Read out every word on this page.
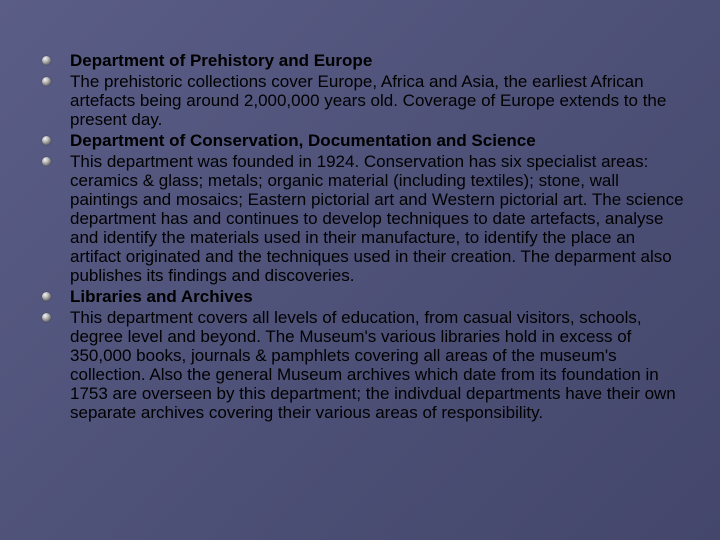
Department of Prehistory and Europe
The prehistoric collections cover Europe, Africa and Asia, the earliest African artefacts being around 2,000,000 years old. Coverage of Europe extends to the present day.
Department of Conservation, Documentation and Science
This department was founded in 1924. Conservation has six specialist areas: ceramics & glass; metals; organic material (including textiles); stone, wall paintings and mosaics; Eastern pictorial art and Western pictorial art. The science department has and continues to develop techniques to date artefacts, analyse and identify the materials used in their manufacture, to identify the place an artifact originated and the techniques used in their creation. The deparment also publishes its findings and discoveries.
Libraries and Archives
This department covers all levels of education, from casual visitors, schools, degree level and beyond. The Museum's various libraries hold in excess of 350,000 books, journals & pamphlets covering all areas of the museum's collection. Also the general Museum archives which date from its foundation in 1753 are overseen by this department; the indivdual departments have their own separate archives covering their various areas of responsibility.
